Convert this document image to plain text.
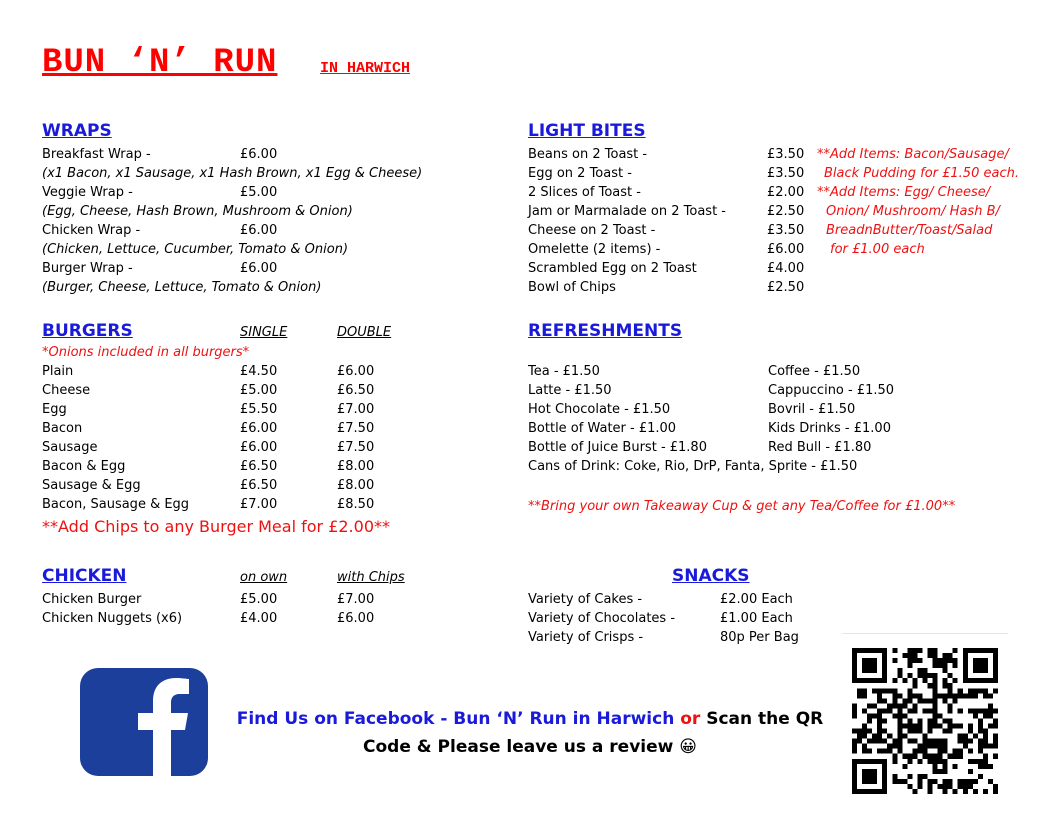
BUN ‘N’ RUN	IN HARWICH
WRAPS
Breakfast Wrap -	£6.00
(x1 Bacon, x1 Sausage, x1 Hash Brown, x1 Egg & Cheese)
Veggie Wrap -	£5.00
(Egg, Cheese, Hash Brown, Mushroom & Onion)
Chicken Wrap -	£6.00
(Chicken, Lettuce, Cucumber, Tomato & Onion)
Burger Wrap -	£6.00
(Burger, Cheese, Lettuce, Tomato & Onion)
BURGERS	SINGLE	DOUBLE
*Onions included in all burgers*
Plain	£4.50	£6.00
Cheese	£5.00	£6.50
Egg	£5.50	£7.00
Bacon	£6.00	£7.50
Sausage	£6.00	£7.50
Bacon & Egg	£6.50	£8.00
Sausage & Egg	£6.50	£8.00
Bacon, Sausage & Egg	£7.00	£8.50
**Add Chips to any Burger Meal for £2.00**
CHICKEN	on own	with Chips
Chicken Burger	£5.00	£7.00
Chicken Nuggets (x6)	£4.00	£6.00
LIGHT BITES
Beans on 2 Toast -	£3.50
Egg on 2 Toast -	£3.50
2 Slices of Toast -	£2.00
Jam or Marmalade on 2 Toast -	£2.50
Cheese on 2 Toast -	£3.50
Omelette (2 items) -	£6.00
Scrambled Egg on 2 Toast	£4.00
Bowl of Chips	£2.50
**Add Items: Bacon/Sausage/
Black Pudding for £1.50 each.
**Add Items: Egg/ Cheese/
Onion/ Mushroom/ Hash B/
BreadnButter/Toast/Salad
for £1.00 each
REFRESHMENTS
Tea - £1.50	Coffee - £1.50
Latte - £1.50	Cappuccino - £1.50
Hot Chocolate - £1.50	Bovril - £1.50
Bottle of Water - £1.00	Kids Drinks - £1.00
Bottle of Juice Burst - £1.80	Red Bull - £1.80
Cans of Drink: Coke, Rio, DrP, Fanta, Sprite - £1.50
**Bring your own Takeaway Cup & get any Tea/Coffee for £1.00**
SNACKS
Variety of Cakes -	£2.00 Each
Variety of Chocolates -	£1.00 Each
Variety of Crisps -	80p Per Bag
Find Us on Facebook - Bun ‘N’ Run in Harwich or Scan the QR
Code & Please leave us a review 😀
